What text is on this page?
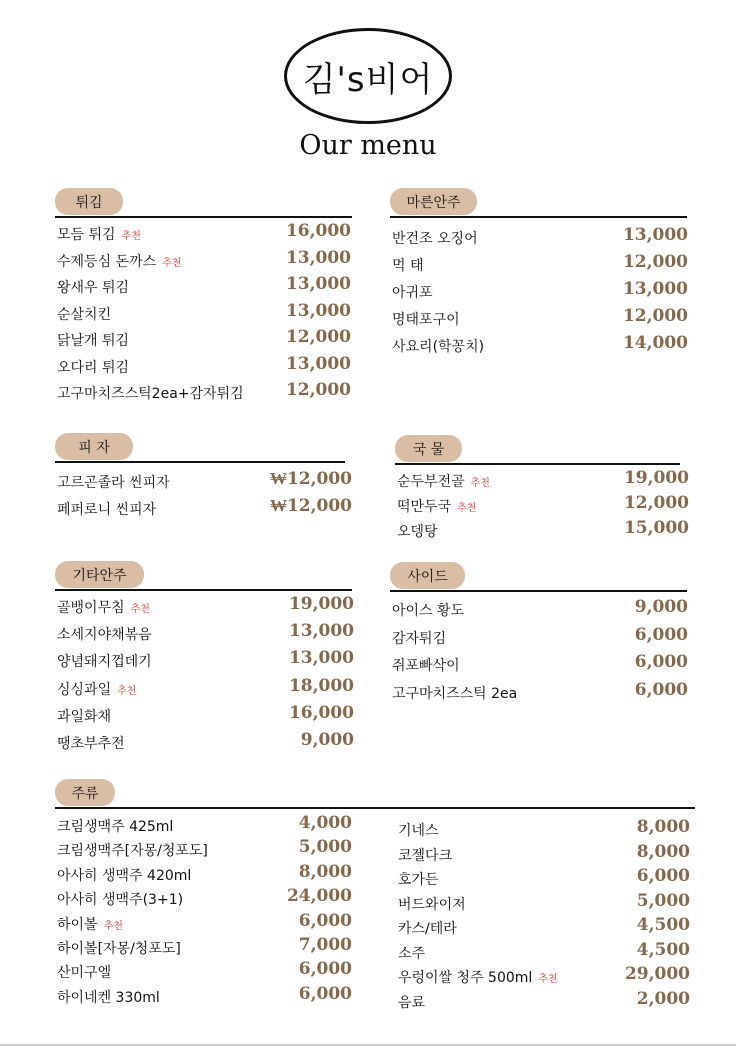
김's비어
Our menu
튀김
모듬 튀김 추천	16,000
수제등심 돈까스 추천	13,000
왕새우 튀김	13,000
순살치킨	13,000
닭날개 튀김	12,000
오다리 튀김	13,000
고구마치즈스틱2ea+감자튀김	12,000
마른안주
반건조 오징어	13,000
먹 태	12,000
아귀포	13,000
명태포구이	12,000
사요리(학꽁치)	14,000
피 자
고르곤졸라 씬피자	₩12,000
페퍼로니 씬피자	₩12,000
국 물
순두부전골 추천	19,000
떡만두국 추천	12,000
오뎅탕	15,000
기타안주
골뱅이무침 추천	19,000
소세지야채볶음	13,000
양념돼지껍데기	13,000
싱싱과일 추천	18,000
과일화채	16,000
땡초부추전	9,000
사이드
아이스 황도	9,000
감자튀김	6,000
쥐포빠삭이	6,000
고구마치즈스틱 2ea	6,000
주류
크림생맥주 425ml	4,000
크림생맥주[자몽/청포도]	5,000
아사히 생맥주 420ml	8,000
아사히 생맥주(3+1)	24,000
하이볼 추천	6,000
하이볼[자몽/청포도]	7,000
산미구엘	6,000
하이네켄 330ml	6,000
기네스	8,000
코젤다크	8,000
호가든	6,000
버드와이저	5,000
카스/테라	4,500
소주	4,500
우렁이쌀 청주 500ml 추천	29,000
음료	2,000
